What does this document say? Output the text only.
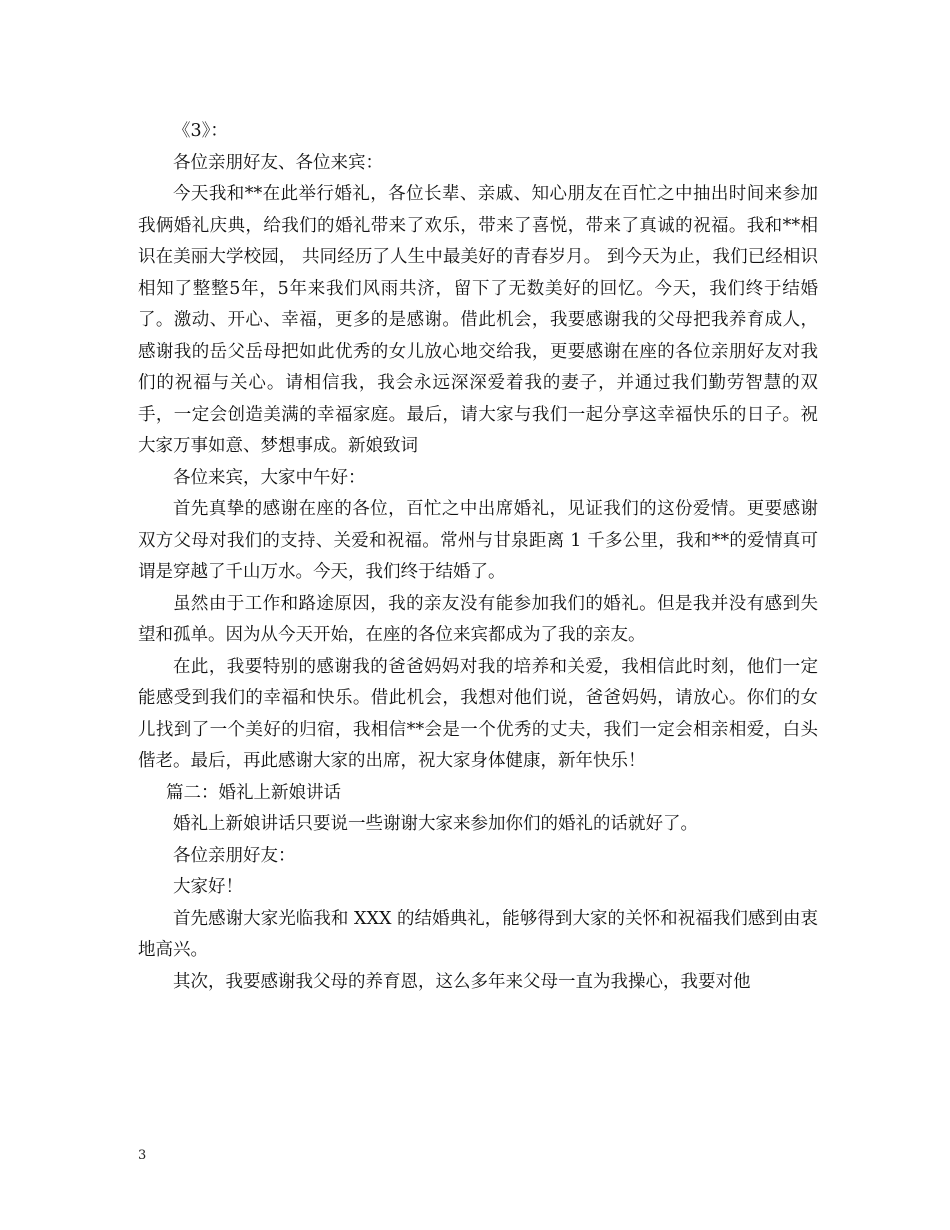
《3》：

各位亲朋好友、各位来宾：

今天我和**在此举行婚礼，各位长辈、亲戚、知心朋友在百忙之中抽出时间来参加我俩婚礼庆典，给我们的婚礼带来了欢乐，带来了喜悦，带来了真诚的祝福。我和**相识在美丽大学校园， 共同经历了人生中最美好的青春岁月。 到今天为止，我们已经相识相知了整整5年，5年来我们风雨共济，留下了无数美好的回忆。今天，我们终于结婚了。激动、开心、幸福，更多的是感谢。借此机会，我要感谢我的父母把我养育成人，感谢我的岳父岳母把如此优秀的女儿放心地交给我，更要感谢在座的各位亲朋好友对我们的祝福与关心。请相信我，我会永远深深爱着我的妻子，并通过我们勤劳智慧的双手，一定会创造美满的幸福家庭。最后，请大家与我们一起分享这幸福快乐的日子。祝大家万事如意、梦想事成。新娘致词

各位来宾，大家中午好：

首先真挚的感谢在座的各位，百忙之中出席婚礼，见证我们的这份爱情。更要感谢双方父母对我们的支持、关爱和祝福。常州与甘泉距离 1 千多公里，我和**的爱情真可谓是穿越了千山万水。今天，我们终于结婚了。

虽然由于工作和路途原因，我的亲友没有能参加我们的婚礼。但是我并没有感到失望和孤单。因为从今天开始，在座的各位来宾都成为了我的亲友。

在此，我要特别的感谢我的爸爸妈妈对我的培养和关爱，我相信此时刻，他们一定能感受到我们的幸福和快乐。借此机会，我想对他们说，爸爸妈妈，请放心。你们的女儿找到了一个美好的归宿，我相信**会是一个优秀的丈夫，我们一定会相亲相爱，白头偕老。最后，再此感谢大家的出席，祝大家身体健康，新年快乐！

篇二：婚礼上新娘讲话

婚礼上新娘讲话只要说一些谢谢大家来参加你们的婚礼的话就好了。

各位亲朋好友：

大家好！

首先感谢大家光临我和 XXX 的结婚典礼，能够得到大家的关怀和祝福我们感到由衷地高兴。

其次，我要感谢我父母的养育恩，这么多年来父母一直为我操心，我要对他

3
